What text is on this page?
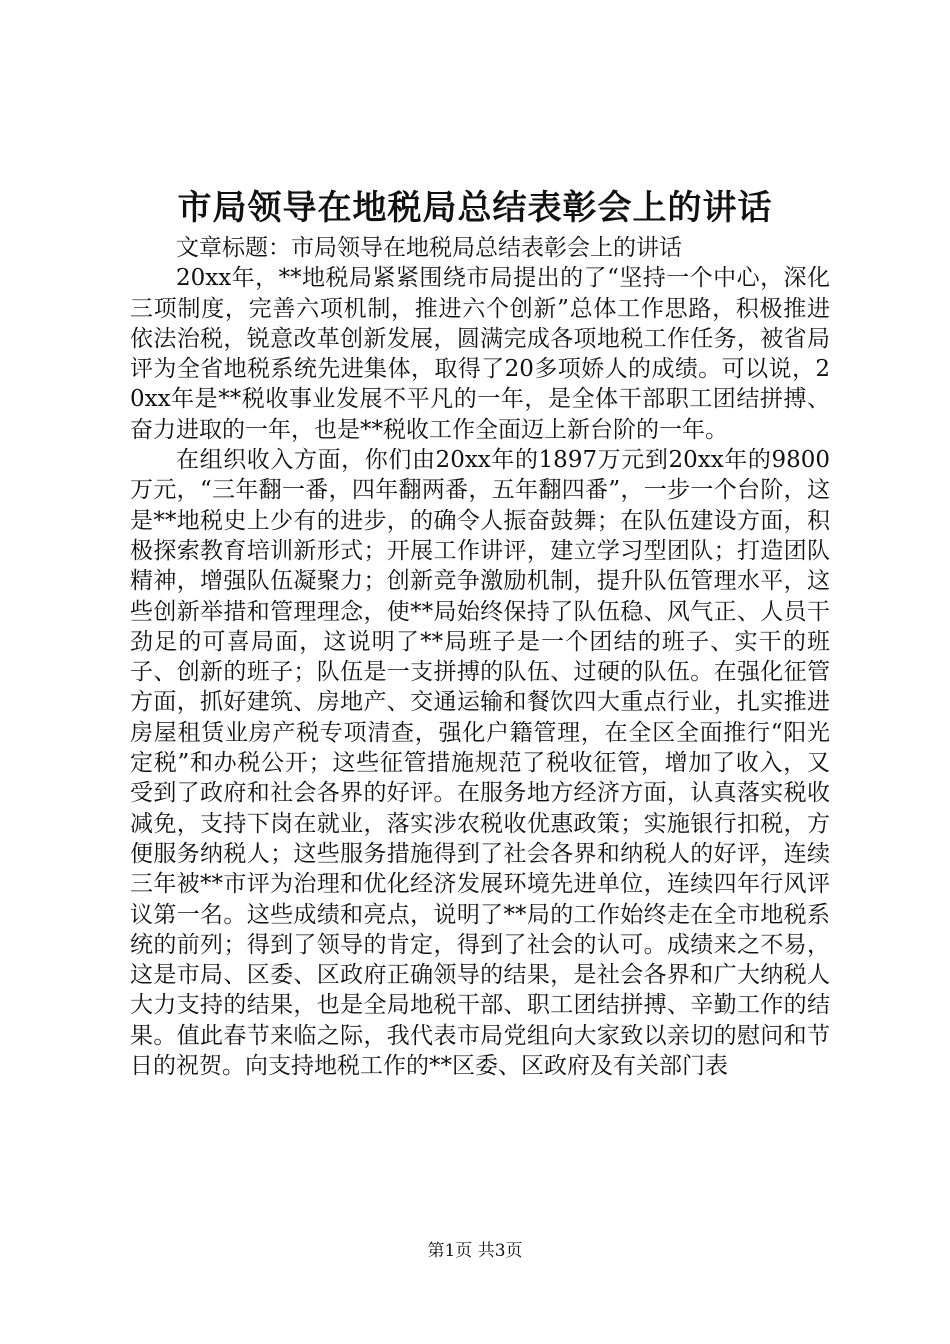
市局领导在地税局总结表彰会上的讲话

文章标题：市局领导在地税局总结表彰会上的讲话

20xx年，**地税局紧紧围绕市局提出的了“坚持一个中心，深化三项制度，完善六项机制，推进六个创新”总体工作思路，积极推进依法治税，锐意改革创新发展，圆满完成各项地税工作任务，被省局评为全省地税系统先进集体，取得了20多项娇人的成绩。可以说，20xx年是**税收事业发展不平凡的一年，是全体干部职工团结拼搏、奋力进取的一年，也是**税收工作全面迈上新台阶的一年。

在组织收入方面，你们由20xx年的1897万元到20xx年的9800万元，“三年翻一番，四年翻两番，五年翻四番”，一步一个台阶，这是**地税史上少有的进步，的确令人振奋鼓舞；在队伍建设方面，积极探索教育培训新形式；开展工作讲评，建立学习型团队；打造团队精神，增强队伍凝聚力；创新竞争激励机制，提升队伍管理水平，这些创新举措和管理理念，使**局始终保持了队伍稳、风气正、人员干劲足的可喜局面，这说明了**局班子是一个团结的班子、实干的班子、创新的班子；队伍是一支拼搏的队伍、过硬的队伍。在强化征管方面，抓好建筑、房地产、交通运输和餐饮四大重点行业，扎实推进房屋租赁业房产税专项清查，强化户籍管理，在全区全面推行“阳光定税”和办税公开；这些征管措施规范了税收征管，增加了收入，又受到了政府和社会各界的好评。在服务地方经济方面，认真落实税收减免，支持下岗在就业，落实涉农税收优惠政策；实施银行扣税，方便服务纳税人；这些服务措施得到了社会各界和纳税人的好评，连续三年被**市评为治理和优化经济发展环境先进单位，连续四年行风评议第一名。这些成绩和亮点，说明了**局的工作始终走在全市地税系统的前列；得到了领导的肯定，得到了社会的认可。成绩来之不易，这是市局、区委、区政府正确领导的结果，是社会各界和广大纳税人大力支持的结果，也是全局地税干部、职工团结拼搏、辛勤工作的结果。值此春节来临之际，我代表市局党组向大家致以亲切的慰问和节日的祝贺。向支持地税工作的**区委、区政府及有关部门表

第1页 共3页
